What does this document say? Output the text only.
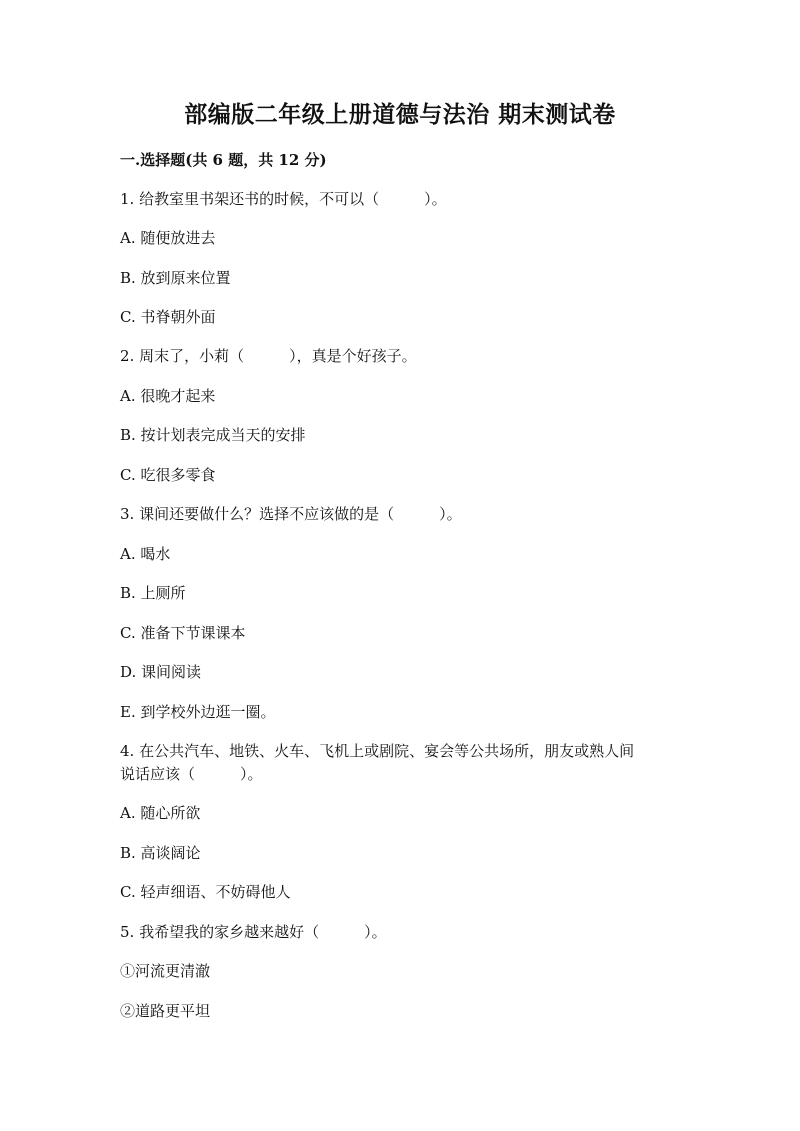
部编版二年级上册道德与法治 期末测试卷
一.选择题(共 6 题，共 12 分)
1. 给教室里书架还书的时候，不可以（　　　）。
A. 随便放进去
B. 放到原来位置
C. 书脊朝外面
2. 周末了，小莉（　　　），真是个好孩子。
A. 很晚才起来
B. 按计划表完成当天的安排
C. 吃很多零食
3. 课间还要做什么？选择不应该做的是（　　　）。
A. 喝水
B. 上厕所
C. 准备下节课课本
D. 课间阅读
E. 到学校外边逛一圈。
4. 在公共汽车、地铁、火车、飞机上或剧院、宴会等公共场所，朋友或熟人间
说话应该（　　　）。
A. 随心所欲
B. 高谈阔论
C. 轻声细语、不妨碍他人
5. 我希望我的家乡越来越好（　　　）。
①河流更清澈
②道路更平坦
